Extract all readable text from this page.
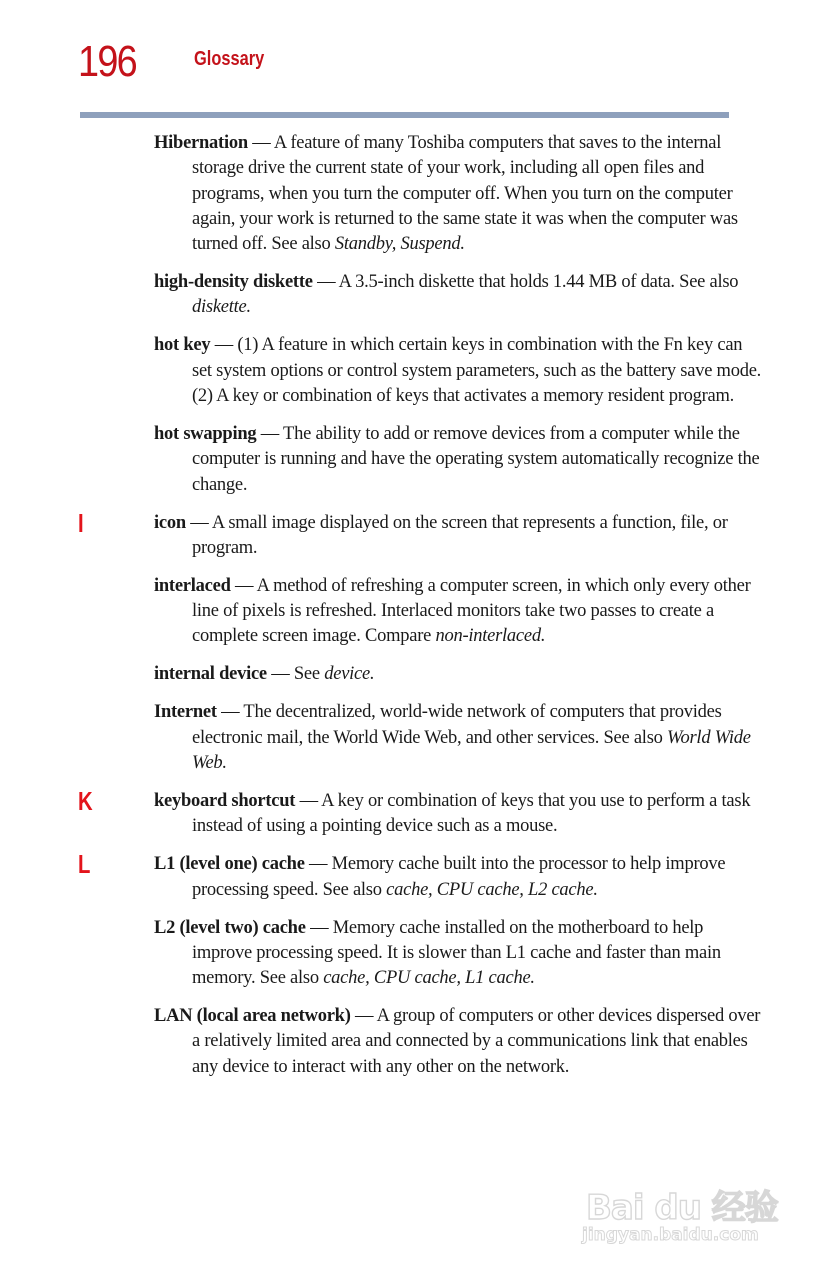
196	Glossary
Hibernation — A feature of many Toshiba computers that saves to the internal storage drive the current state of your work, including all open files and programs, when you turn the computer off. When you turn on the computer again, your work is returned to the same state it was when the computer was turned off. See also Standby, Suspend.
high-density diskette — A 3.5-inch diskette that holds 1.44 MB of data. See also diskette.
hot key — (1) A feature in which certain keys in combination with the Fn key can set system options or control system parameters, such as the battery save mode. (2) A key or combination of keys that activates a memory resident program.
hot swapping — The ability to add or remove devices from a computer while the computer is running and have the operating system automatically recognize the change.
I	icon — A small image displayed on the screen that represents a function, file, or program.
interlaced — A method of refreshing a computer screen, in which only every other line of pixels is refreshed. Interlaced monitors take two passes to create a complete screen image. Compare non-interlaced.
internal device — See device.
Internet — The decentralized, world-wide network of computers that provides electronic mail, the World Wide Web, and other services. See also World Wide Web.
K	keyboard shortcut — A key or combination of keys that you use to perform a task instead of using a pointing device such as a mouse.
L	L1 (level one) cache — Memory cache built into the processor to help improve processing speed. See also cache, CPU cache, L2 cache.
L2 (level two) cache — Memory cache installed on the motherboard to help improve processing speed. It is slower than L1 cache and faster than main memory. See also cache, CPU cache, L1 cache.
LAN (local area network) — A group of computers or other devices dispersed over a relatively limited area and connected by a communications link that enables any device to interact with any other on the network.
Bai du 经验
jingyan.baidu.com
